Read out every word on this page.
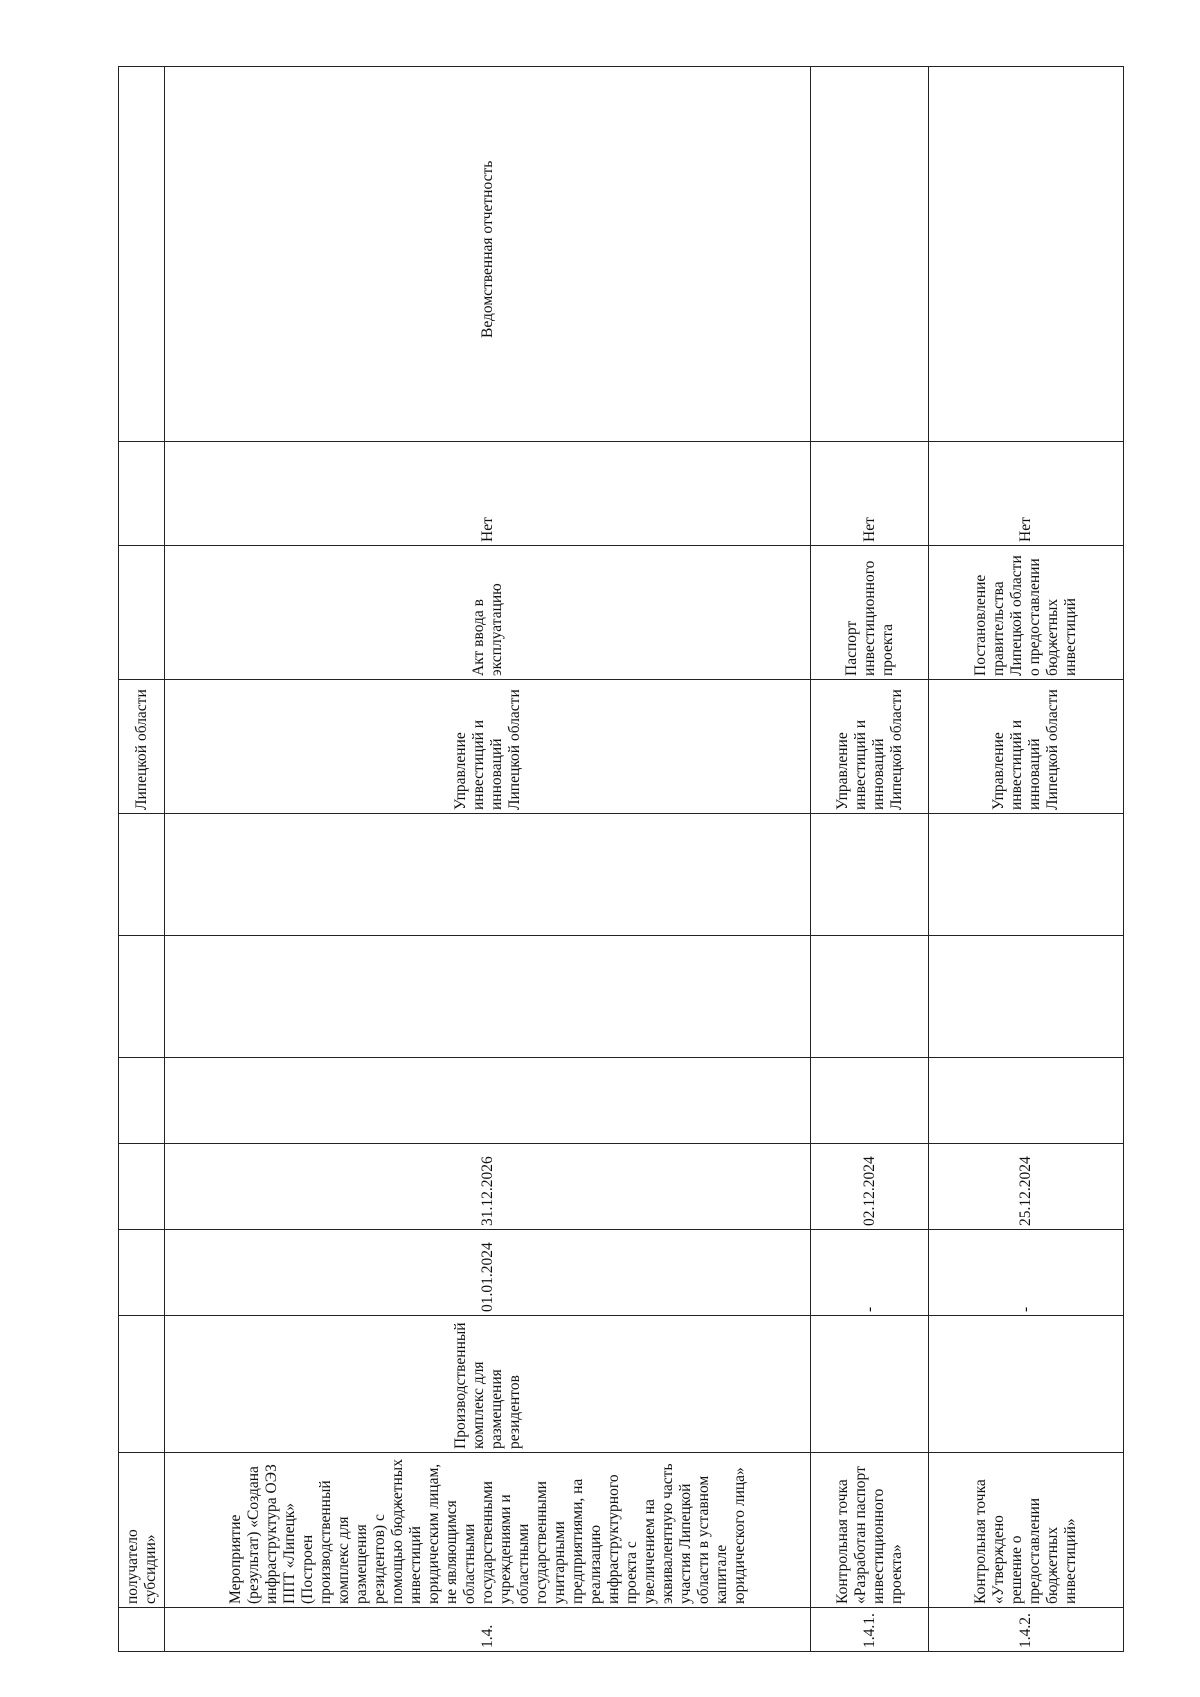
	получатело субсидии»							Липецкой области			
1.4.	Мероприятие (результат) «Создана инфраструктура ОЭЗ ППТ «Липецк» (Построен производственный комплекс для размещения резидентов) с помощью бюджетных инвестиций юридическим лицам, не являющимся областными государственными учреждениями и областными государственными унитарными предприятиями, на реализацию инфраструктурного проекта с увеличением на эквивалентную часть участия Липецкой области в уставном капитале юридического лица»	Производственный комплекс для размещения резидентов	01.01.2024	31.12.2026				Управление инвестиций и инноваций Липецкой области	Акт ввода в эксплуатацию	Нет	Ведомственная отчетность

1.4.1.	Контрольная точка «Разработан паспорт инвестиционного проекта»		-	02.12.2024				Управление инвестиций и инноваций Липецкой области	Паспорт инвестиционного проекта	Нет	
1.4.2.	Контрольная точка «Утверждено решение о предоставлении бюджетных инвестиций»		-	25.12.2024				Управление инвестиций и инноваций Липецкой области	Постановление правительства Липецкой области о предоставлении бюджетных инвестиций	Нет	
